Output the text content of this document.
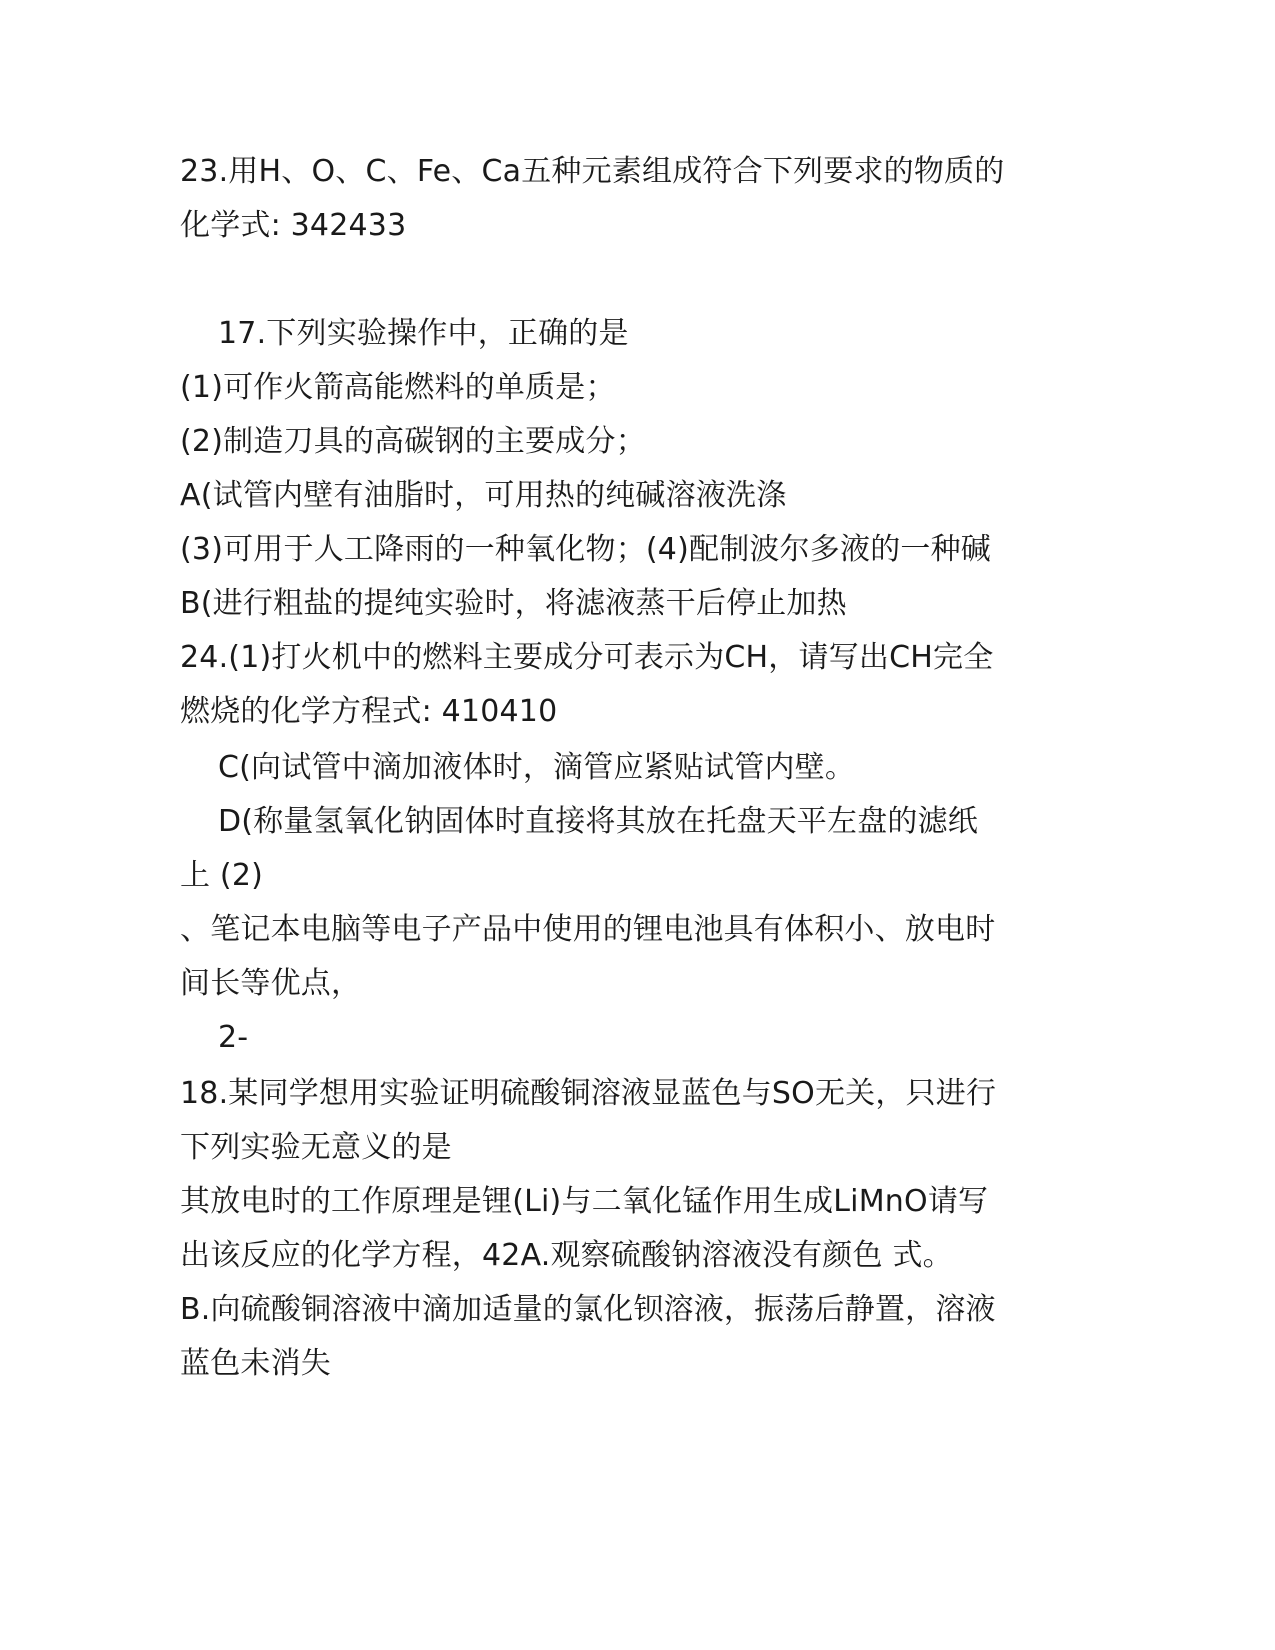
23.用H、O、C、Fe、Ca五种元素组成符合下列要求的物质的
化学式: 342433
17.下列实验操作中，正确的是
(1)可作火箭高能燃料的单质是；
(2)制造刀具的高碳钢的主要成分；
A(试管内壁有油脂时，可用热的纯碱溶液洗涤
(3)可用于人工降雨的一种氧化物；(4)配制波尔多液的一种碱
B(进行粗盐的提纯实验时，将滤液蒸干后停止加热
24.(1)打火机中的燃料主要成分可表示为CH，请写出CH完全
燃烧的化学方程式: 410410
C(向试管中滴加液体时，滴管应紧贴试管内壁。
D(称量氢氧化钠固体时直接将其放在托盘天平左盘的滤纸
上 (2)
、笔记本电脑等电子产品中使用的锂电池具有体积小、放电时
间长等优点，
2-
18.某同学想用实验证明硫酸铜溶液显蓝色与SO无关，只进行
下列实验无意义的是
其放电时的工作原理是锂(Li)与二氧化锰作用生成LiMnO请写
出该反应的化学方程，42A.观察硫酸钠溶液没有颜色 式。
B.向硫酸铜溶液中滴加适量的氯化钡溶液，振荡后静置，溶液
蓝色未消失
